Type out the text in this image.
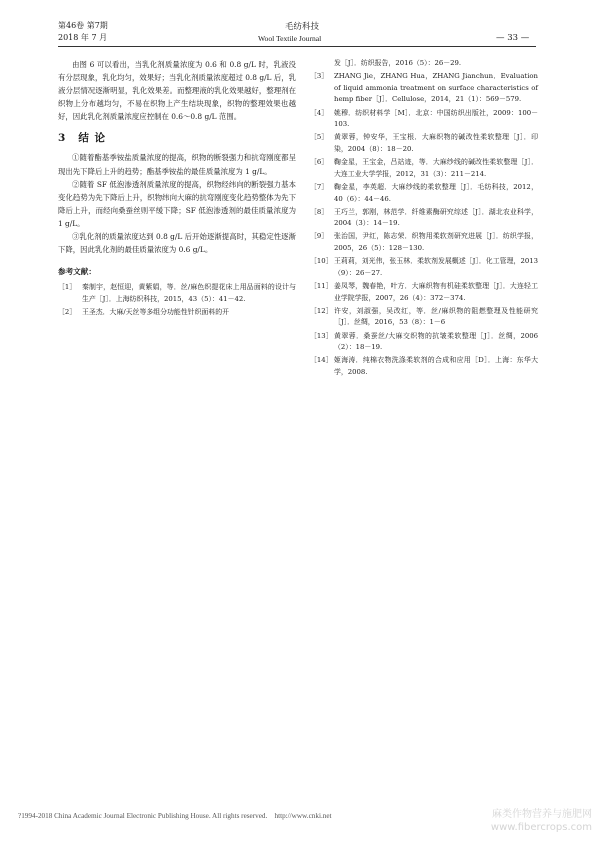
第46卷 第7期
2018 年 7 月
毛纺科技
Wool Textile Journal	— 33 —

由图 6 可以看出，当乳化剂质量浓度为 0.6 和 0.8 g/L 时，乳液没有分层现象，乳化均匀，效果好；当乳化剂质量浓度超过 0.8 g/L 后，乳液分层情况逐渐明显，乳化效果差。而整理液的乳化效果越好，整理剂在织物上分布越均匀，不易在织物上产生结块现象，织物的整理效果也越好，因此乳化剂质量浓度应控制在 0.6～0.8 g/L 范围。

3 结 论

①随着酯基季铵盐质量浓度的提高，织物的断裂强力和抗弯刚度都呈现出先下降后上升的趋势；酯基季铵盐的最佳质量浓度为 1 g/L。

②随着 SF 低泡渗透剂质量浓度的提高，织物经纬向的断裂强力基本变化趋势为先下降后上升，织物纬向大麻的抗弯刚度变化趋势整体为先下降后上升，而经向桑蚕丝则平缓下降；SF 低泡渗透剂的最佳质量浓度为 1 g/L。

③乳化剂的质量浓度达到 0.8 g/L 后开始逐渐提高时，其稳定性逐渐下降，因此乳化剂的最佳质量浓度为 0.6 g/L。

参考文献：
［1］ 秦制宇，赵恒迎，黄紫娟，等．丝/麻色织提花床上用品面料的设计与生产［J］．上海纺织科技，2015，43（5）：41－42.
［2］ 王圣杰．大麻/天丝等多组分功能性针织面料的开
发［J］．纺织报告，2016（5）：26－29.
［3］ ZHANG Jie，ZHANG Hua，ZHANG Jianchun．Evaluation of liquid ammonia treatment on surface characteristics of hemp fiber［J］．Cellulose，2014，21（1）：569－579.
［4］ 姚穆．纺织材料学［M］．北京：中国纺织出版社，2009：100－103.
［5］ 黄翠蓉，钟安华，王宝根．大麻织物的碱改性柔软整理［J］．印染，2004（8）：18－20.
［6］ 鞠金星，王宝金，吕站迹，等．大麻纱线的碱改性柔软整理［J］．大连工业大学学报，2012，31（3）：211－214.
［7］ 鞠金星，李英超．大麻纱线的柔软整理［J］．毛纺科技，2012，40（6）：44－46.
［8］ 王巧兰，郭刚，林范学．纤维素酶研究综述［J］．湖北农业科学，2004（3）：14－19.
［9］ 张治国，尹红，陈志荣．织物用柔软剂研究进展［J］．纺织学报，2005，26（5）：128－130.
［10］ 王莉莉，刘光伟，张玉林．柔软剂发展概述［J］．化工管理，2013（9）：26－27.
［11］ 姜凤琴，魏春艳，叶方．大麻织物有机硅柔软整理［J］．大连轻工业学院学报，2007，26（4）：372－374.
［12］ 许安，刘淑强，吴改红，等．丝/麻织物的阻燃整理及性能研究［J］．丝绸，2016，53（8）：1－6
［13］ 黄翠蓉．桑蚕丝/大麻交织物的抗皱柔软整理［J］．丝绸，2006（2）：18－19.
［14］ 姬海涛．纯棉衣物洗涤柔软剂的合成和应用［D］．上海：东华大学，2008.
?1994-2018 China Academic Journal Electronic Publishing House. All rights reserved.    http://www.cnki.net	麻类作物营养与施肥网 www.fibercrops.com
